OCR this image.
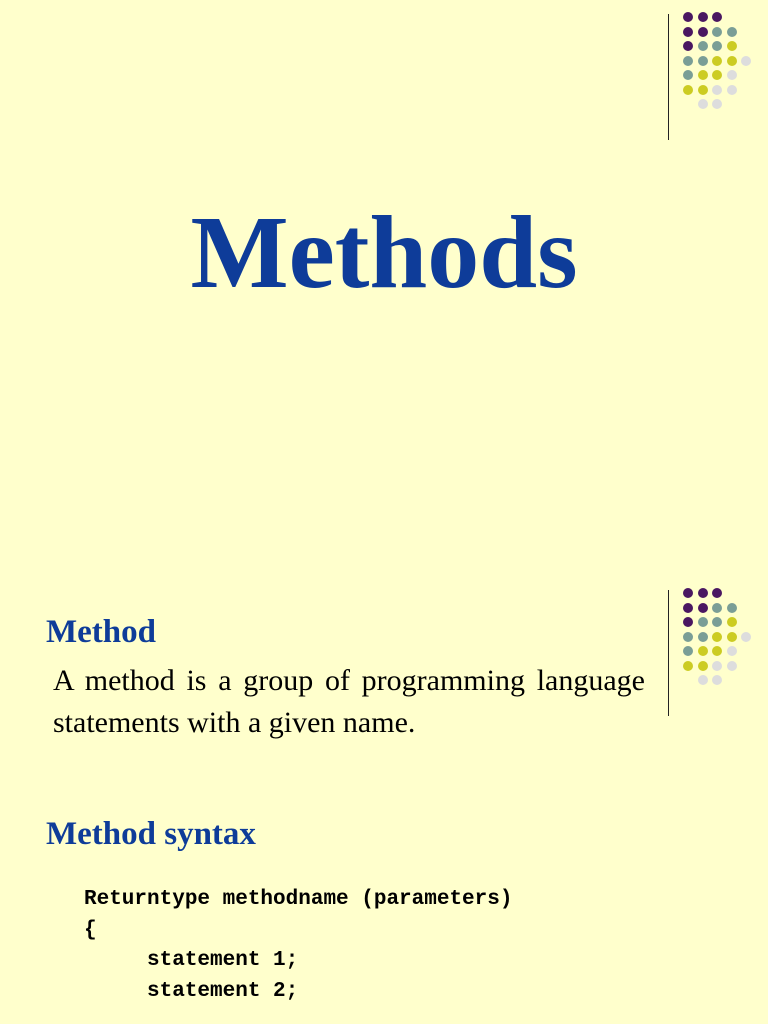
Methods
Method

A method is a group of programming language statements with a given name.

Method syntax
Returntype methodname (parameters)
{
statement 1;
statement 2;
